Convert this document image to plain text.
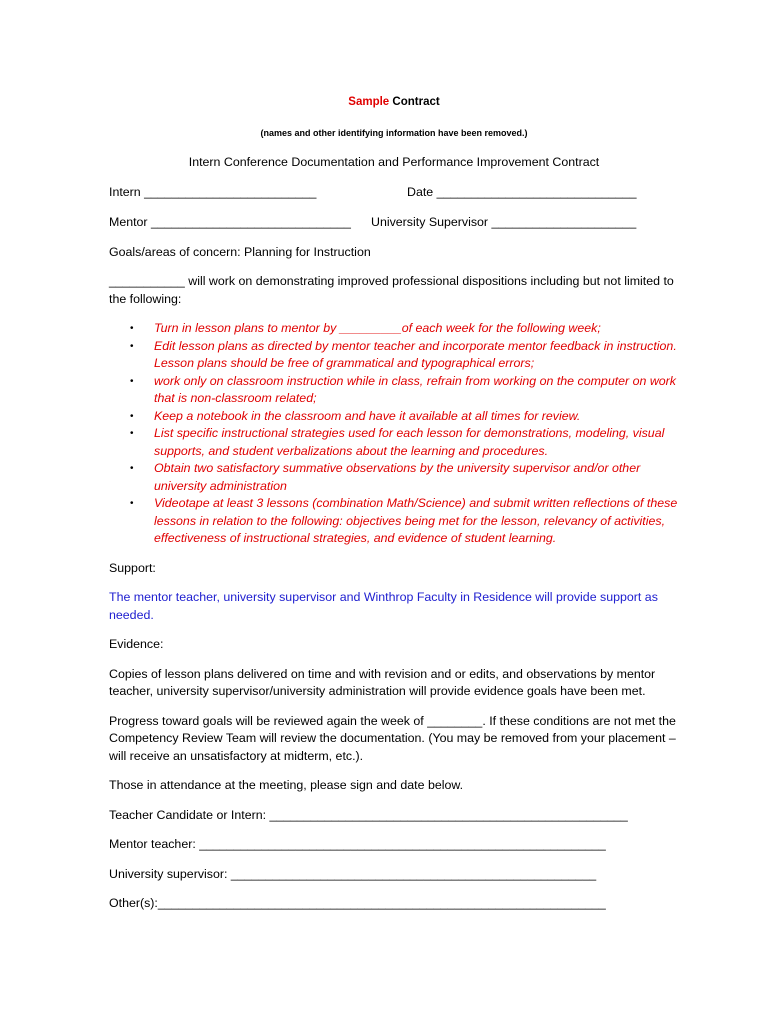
Sample Contract

(names and other identifying information have been removed.)

Intern Conference Documentation and Performance Improvement Contract

Intern _________________________	Date _____________________________
Mentor _____________________________ University Supervisor _____________________

Goals/areas of concern: Planning for Instruction

___________ will work on demonstrating improved professional dispositions including but not limited to the following:

• Turn in lesson plans to mentor by _________of each week for the following week;
• Edit lesson plans as directed by mentor teacher and incorporate mentor feedback in instruction. Lesson plans should be free of grammatical and typographical errors;
• work only on classroom instruction while in class, refrain from working on the computer on work that is non-classroom related;
• Keep a notebook in the classroom and have it available at all times for review.
• List specific instructional strategies used for each lesson for demonstrations, modeling, visual supports, and student verbalizations about the learning and procedures.
• Obtain two satisfactory summative observations by the university supervisor and/or other university administration
• Videotape at least 3 lessons (combination Math/Science) and submit written reflections of these lessons in relation to the following: objectives being met for the lesson, relevancy of activities, effectiveness of instructional strategies, and evidence of student learning.

Support:

The mentor teacher, university supervisor and Winthrop Faculty in Residence will provide support as needed.

Evidence:

Copies of lesson plans delivered on time and with revision and or edits, and observations by mentor teacher, university supervisor/university administration will provide evidence goals have been met.

Progress toward goals will be reviewed again the week of ________. If these conditions are not met the Competency Review Team will review the documentation. (You may be removed from your placement – will receive an unsatisfactory at midterm, etc.).

Those in attendance at the meeting, please sign and date below.

Teacher Candidate or Intern: ____________________________________________________

Mentor teacher: ___________________________________________________________

University supervisor: _____________________________________________________

Other(s):_________________________________________________________________
